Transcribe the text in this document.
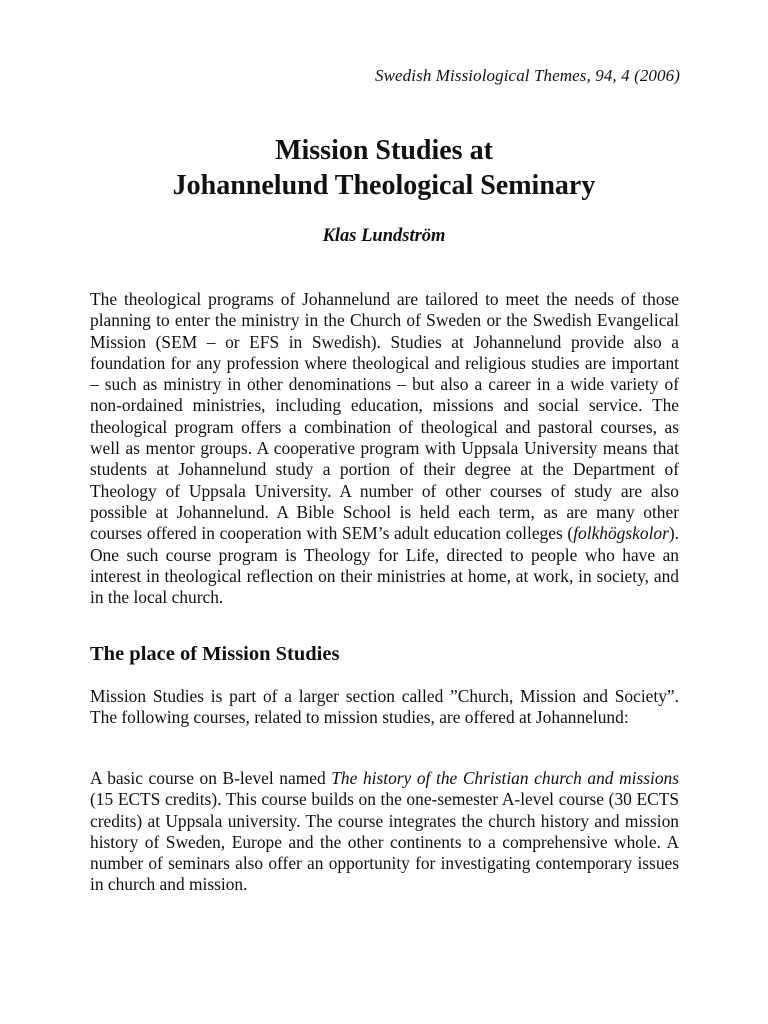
Swedish Missiological Themes, 94, 4 (2006)
Mission Studies at
Johannelund Theological Seminary
Klas Lundström

The theological programs of Johannelund are tailored to meet the needs of those planning to enter the ministry in the Church of Sweden or the Swedish Evangelical Mission (SEM – or EFS in Swedish). Studies at Johannelund provide also a foundation for any profession where theological and religious studies are important – such as ministry in other denominations – but also a career in a wide variety of non-ordained ministries, including education, missions and social service. The theological program offers a combination of theological and pastoral courses, as well as mentor groups. A cooperative program with Uppsala University means that students at Johannelund study a portion of their degree at the Department of Theology of Uppsala University. A number of other courses of study are also possible at Johannelund. A Bible School is held each term, as are many other courses offered in cooperation with SEM’s adult education colleges (folkhögskolor). One such course program is Theology for Life, directed to people who have an interest in theological reflection on their ministries at home, at work, in society, and in the local church.

The place of Mission Studies

Mission Studies is part of a larger section called ”Church, Mission and Society”. The following courses, related to mission studies, are offered at Johannelund:

A basic course on B-level named The history of the Christian church and missions (15 ECTS credits). This course builds on the one-semester A-level course (30 ECTS credits) at Uppsala university. The course integrates the church history and mission history of Sweden, Europe and the other continents to a comprehensive whole. A number of seminars also offer an opportunity for investigating contemporary issues in church and mission.
